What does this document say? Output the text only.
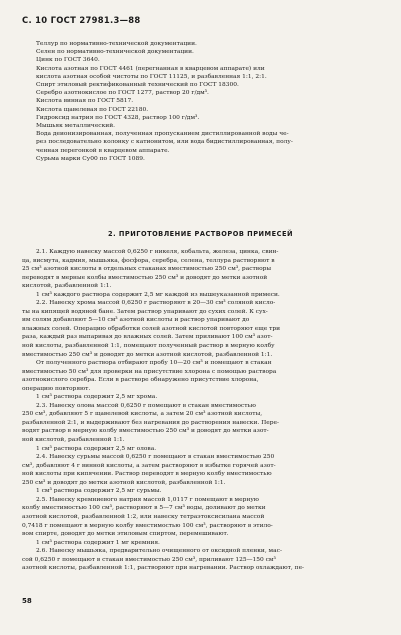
С. 10 ГОСТ 27981.3—88
Теллур по нормативно-технической документации.
Селен по нормативно-технической документации.
Цинк по ГОСТ 3640.
Кислота азотная по ГОСТ 4461 (перегнанная в кварцевом аппарате) или
кислота азотная особой чистоты по ГОСТ 11125, и разбавленная 1:1, 2:1.
Спирт этиловый ректификованный технический по ГОСТ 18300.
Серебро азотнокислое по ГОСТ 1277, раствор 20 г/дм³.
Кислота винная по ГОСТ 5817.
Кислота щавелевая по ГОСТ 22180.
Гидроксид натрия по ГОСТ 4328, раствор 100 г/дм³.
Мышьяк металлический.
Вода деионизированная, полученная пропусканием дистиллированной воды че-
рез последовательно колонку с катионитом, или вода бидистиллированная, полу-
ченная перегонкой в кварцевом аппарате.
Сурьма марки Су00 по ГОСТ 1089.
2. ПРИГОТОВЛЕНИЕ РАСТВОРОВ ПРИМЕСЕЙ
2.1. Каждую навеску массой 0,6250 г никеля, кобальта, железа, цинка, свин-
ца, висмута, кадмия, мышьяка, фосфора, серебра, селена, теллура растворяют в
25 см³ азотной кислоты в отдельных стаканах вместимостью 250 см³, растворы
переводят в мерные колбы вместимостью 250 см³ и доводят до метки азотной
кислотой, разбавленной 1:1.
1 см³ каждого раствора содержит 2,5 мг каждой из вышеуказанной примеси.
2.2. Навеску хрома массой 0,6250 г растворяют в 20—30 см³ соляной кисло-
ты на кипящей водяной бане. Затем раствор упаривают до сухих солей. К сух-
им солям добавляют 5—10 см³ азотной кислоты и раствор упаривают до
влажных солей. Операцию обработки солей азотной кислотой повторяют еще три
раза, каждый раз выпаривая до влажных солей. Затем приливают 100 см³ азот-
ной кислоты, разбавленной 1:1, помещают полученный раствор в мерную колбу
вместимостью 250 см³ и доводят до метки азотной кислотой, разбавленной 1:1.
От полученного раствора отбирают пробу 10—20 см³ и помещают в стакан
вместимостью 50 см³ для проверки на присутствие хлорона с помощью раствора
азотнокислого серебра. Если в растворе обнаружено присутствие хлорона,
операцию повторяют.
1 см³ раствора содержит 2,5 мг хрома.
2.3. Навеску олова массой 0,6250 г помещают в стакан вместимостью
250 см³, добавляют 5 г щавелевой кислоты, а затем 20 см³ азотной кислоты,
разбавленной 2:1, и выдерживают без нагревания до растворения навески. Пере-
водят раствор в мерную колбу вместимостью 250 см³ и доводят до метки азот-
ной кислотой, разбавленной 1:1.
1 см³ раствора содержит 2,5 мг олова.
2.4. Навеску сурьмы массой 0,6250 г помещают в стакан вместимостью 250
см³, добавляют 4 г винной кислоты, а затем растворяют в избытке горячей азот-
ной кислоты при кипячении. Раствор переводят в мерную колбу вместимостью
250 см³ и доводят до метки азотной кислотой, разбавленной 1:1.
1 см³ раствора содержит 2,5 мг сурьмы.
2.5. Навеску кремниевого натрия массой 1,0117 г помещают в мерную
колбу вместимостью 100 см³, растворяют в 5—7 см³ воды, доливают до метки
азотной кислотой, разбавленной 1:2, или навеску тетраэтоксисилана массой
0,7418 г помещают в мерную колбу вместимостью 100 см³, растворяют в этило-
вом спирте, доводят до метки этиловым спиртом, перемешивают.
1 см³ раствора содержит 1 мг кремния.
2.6. Навеску мышьяка, предварительно очищенного от оксидной пленки, мас-
сой 0,6250 г помещают в стакан вместимостью 250 см³, приливают 125—150 см³
азотной кислоты, разбавленной 1:1, растворяют при нагревании. Раствор охлаждают, пе-
58
